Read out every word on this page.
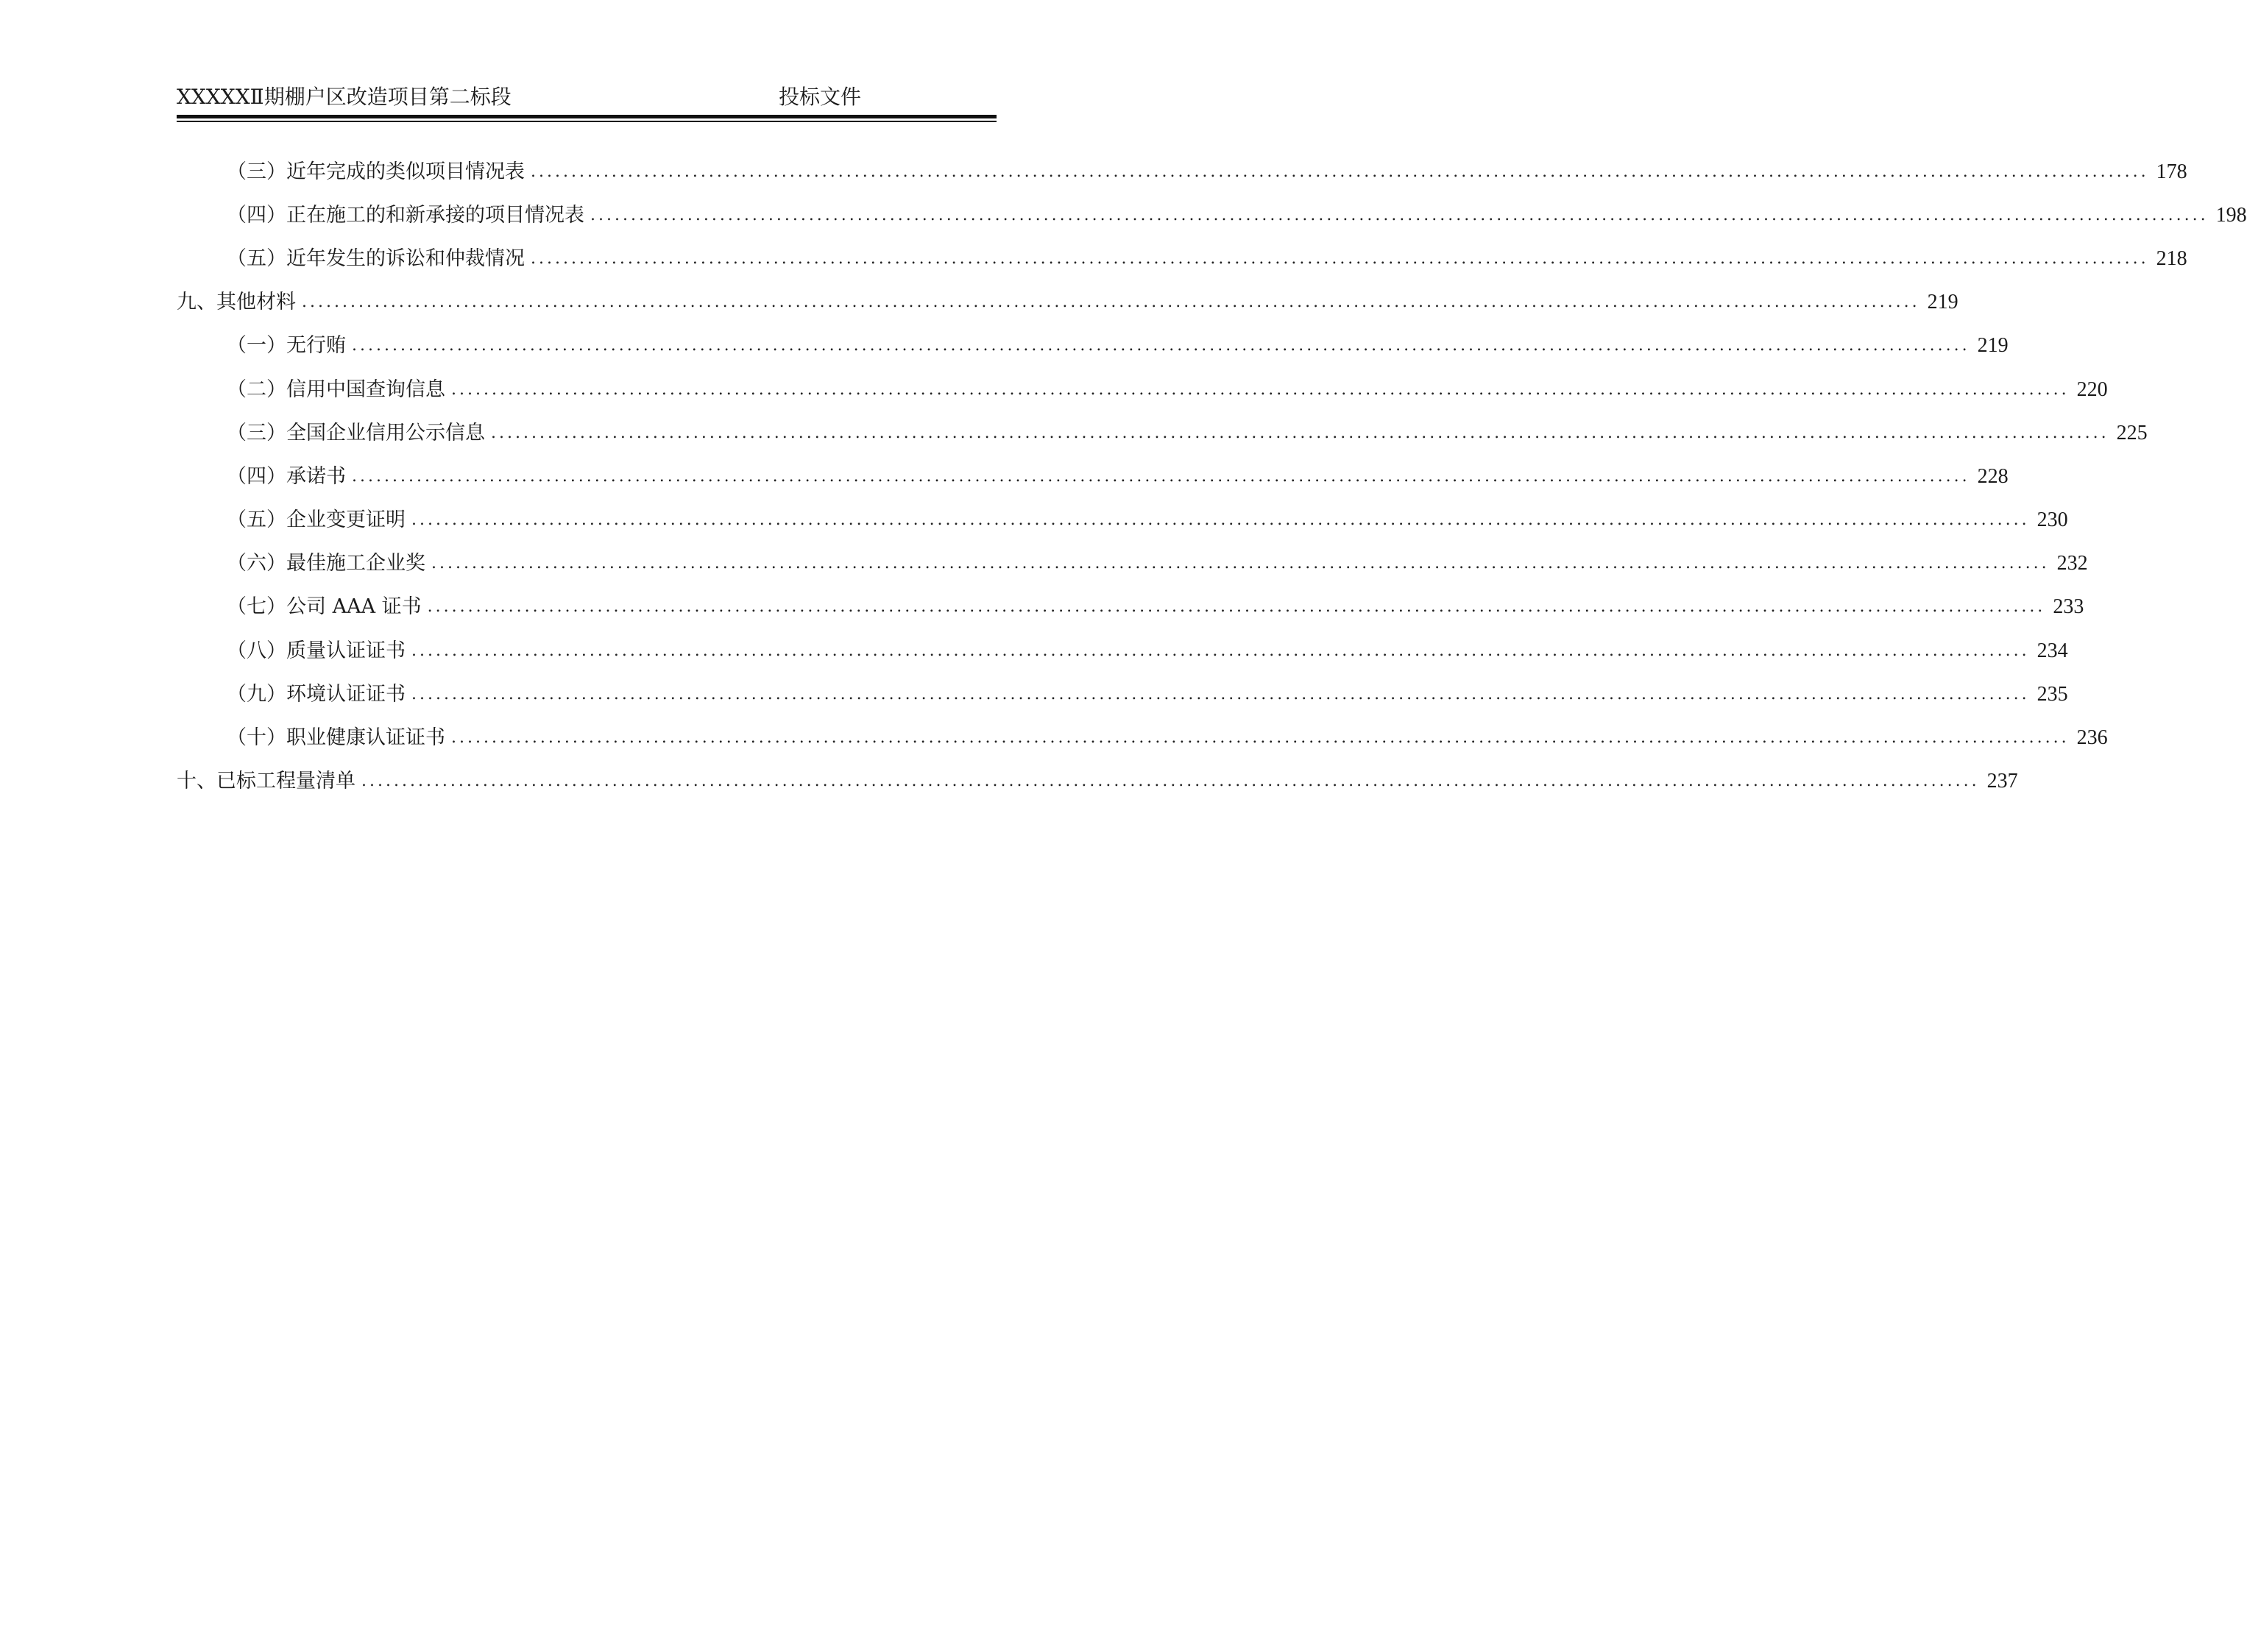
XXXXXⅡ期棚户区改造项目第二标段	投标文件
（三）近年完成的类似项目情况表 ........................................................................................................................................................................................................ 178
（四）正在施工的和新承接的项目情况表 ........................................................................................................................................................................................................ 198
（五）近年发生的诉讼和仲裁情况 ........................................................................................................................................................................................................ 218
九、其他材料 ........................................................................................................................................................................................................ 219
（一）无行贿 ........................................................................................................................................................................................................ 219
（二）信用中国查询信息 ........................................................................................................................................................................................................ 220
（三）全国企业信用公示信息 ........................................................................................................................................................................................................ 225
（四）承诺书 ........................................................................................................................................................................................................ 228
（五）企业变更证明 ........................................................................................................................................................................................................ 230
（六）最佳施工企业奖 ........................................................................................................................................................................................................ 232
（七）公司 AAA 证书 ........................................................................................................................................................................................................ 233
（八）质量认证证书 ........................................................................................................................................................................................................ 234
（九）环境认证证书 ........................................................................................................................................................................................................ 235
（十）职业健康认证证书 ........................................................................................................................................................................................................ 236
十、已标工程量清单 ........................................................................................................................................................................................................ 237
